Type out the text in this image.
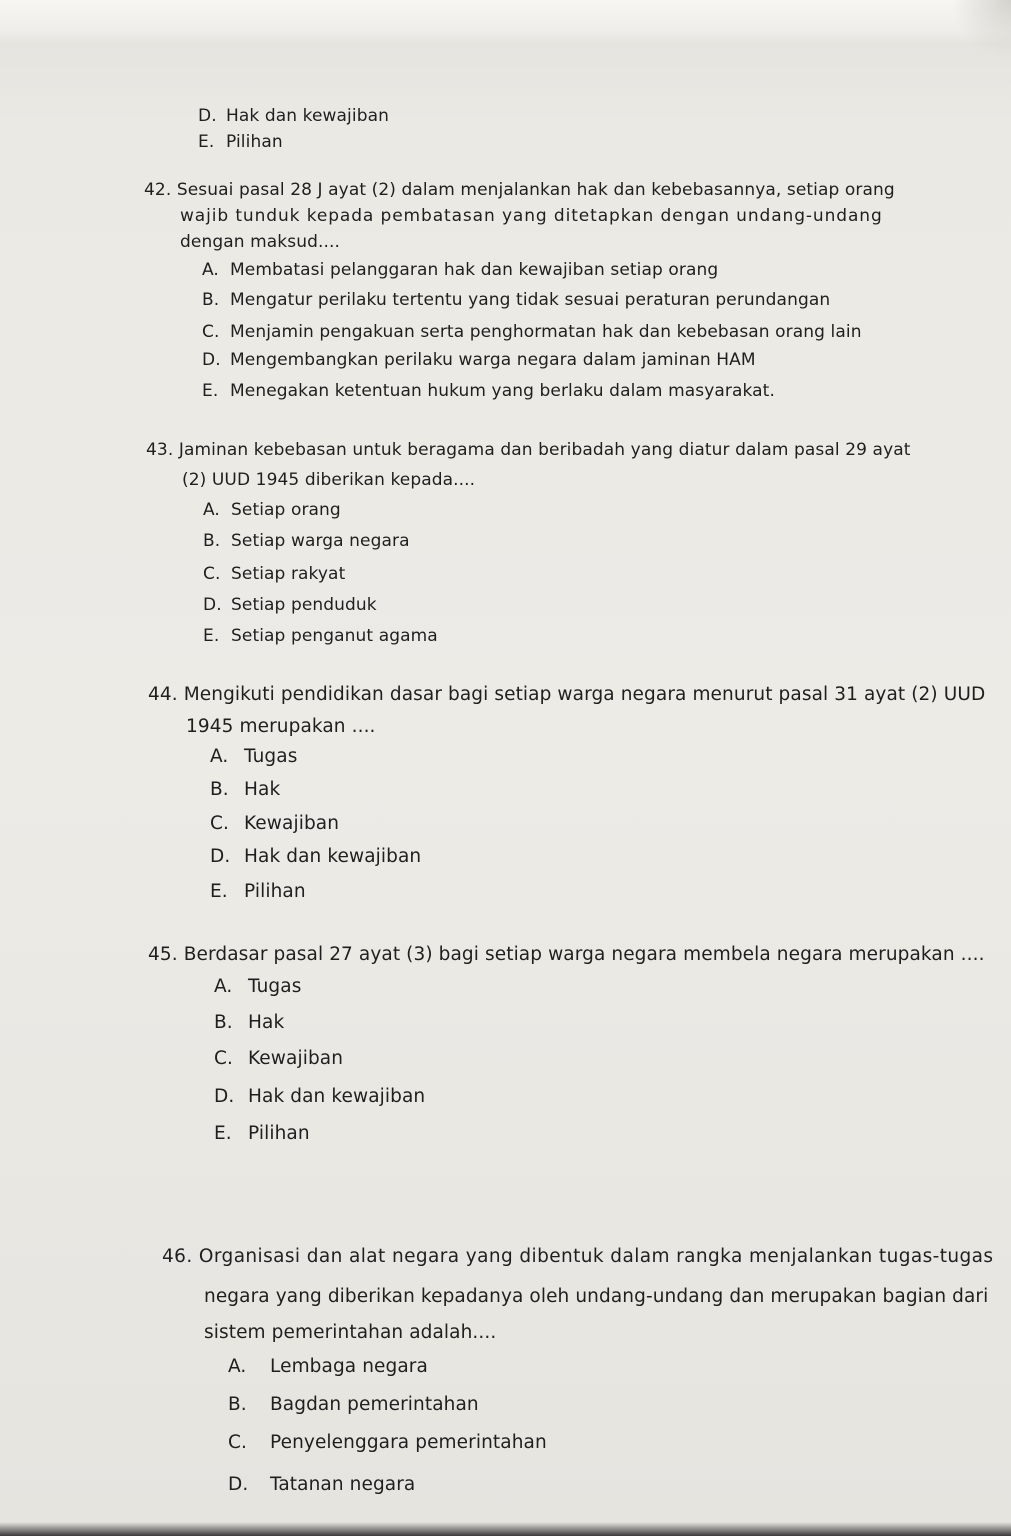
D. Hak dan kewajiban
E. Pilihan
42. Sesuai pasal 28 J ayat (2) dalam menjalankan hak dan kebebasannya, setiap orang
wajib tunduk kepada pembatasan yang ditetapkan dengan undang-undang
dengan maksud....
A. Membatasi pelanggaran hak dan kewajiban setiap orang
B. Mengatur perilaku tertentu yang tidak sesuai peraturan perundangan
C. Menjamin pengakuan serta penghormatan hak dan kebebasan orang lain
D. Mengembangkan perilaku warga negara dalam jaminan HAM
E. Menegakan ketentuan hukum yang berlaku dalam masyarakat.
43. Jaminan kebebasan untuk beragama dan beribadah yang diatur dalam pasal 29 ayat
(2) UUD 1945 diberikan kepada....
A. Setiap orang
B. Setiap warga negara
C. Setiap rakyat
D. Setiap penduduk
E. Setiap penganut agama
44. Mengikuti pendidikan dasar bagi setiap warga negara menurut pasal 31 ayat (2) UUD
1945 merupakan ....
A. Tugas
B. Hak
C. Kewajiban
D. Hak dan kewajiban
E. Pilihan
45. Berdasar pasal 27 ayat (3) bagi setiap warga negara membela negara merupakan ....
A. Tugas
B. Hak
C. Kewajiban
D. Hak dan kewajiban
E. Pilihan
46. Organisasi dan alat negara yang dibentuk dalam rangka menjalankan tugas-tugas
negara yang diberikan kepadanya oleh undang-undang dan merupakan bagian dari
sistem pemerintahan adalah....
A. Lembaga negara
B. Bagdan pemerintahan
C. Penyelenggara pemerintahan
D. Tatanan negara
